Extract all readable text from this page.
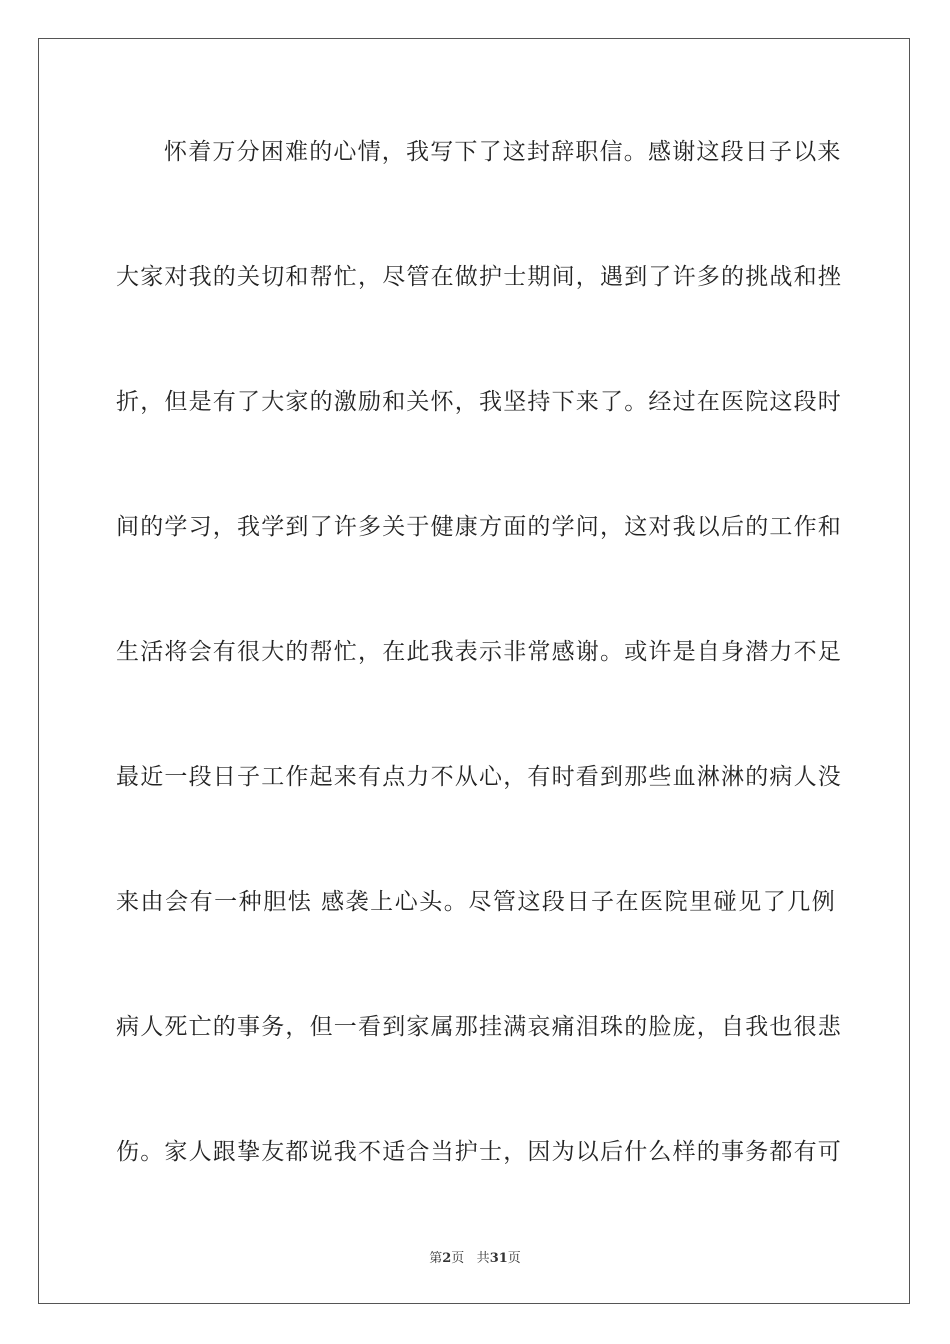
怀着万分困难的心情，我写下了这封辞职信。感谢这段日子以来
大家对我的关切和帮忙，尽管在做护士期间，遇到了许多的挑战和挫
折，但是有了大家的激励和关怀，我坚持下来了。经过在医院这段时
间的学习，我学到了许多关于健康方面的学问，这对我以后的工作和
生活将会有很大的帮忙，在此我表示非常感谢。或许是自身潜力不足
最近一段日子工作起来有点力不从心，有时看到那些血淋淋的病人没
来由会有一种胆怯 感袭上心头。尽管这段日子在医院里碰见了几例
病人死亡的事务，但一看到家属那挂满哀痛泪珠的脸庞，自我也很悲
伤。家人跟挚友都说我不适合当护士，因为以后什么样的事务都有可
第2页 共31页
